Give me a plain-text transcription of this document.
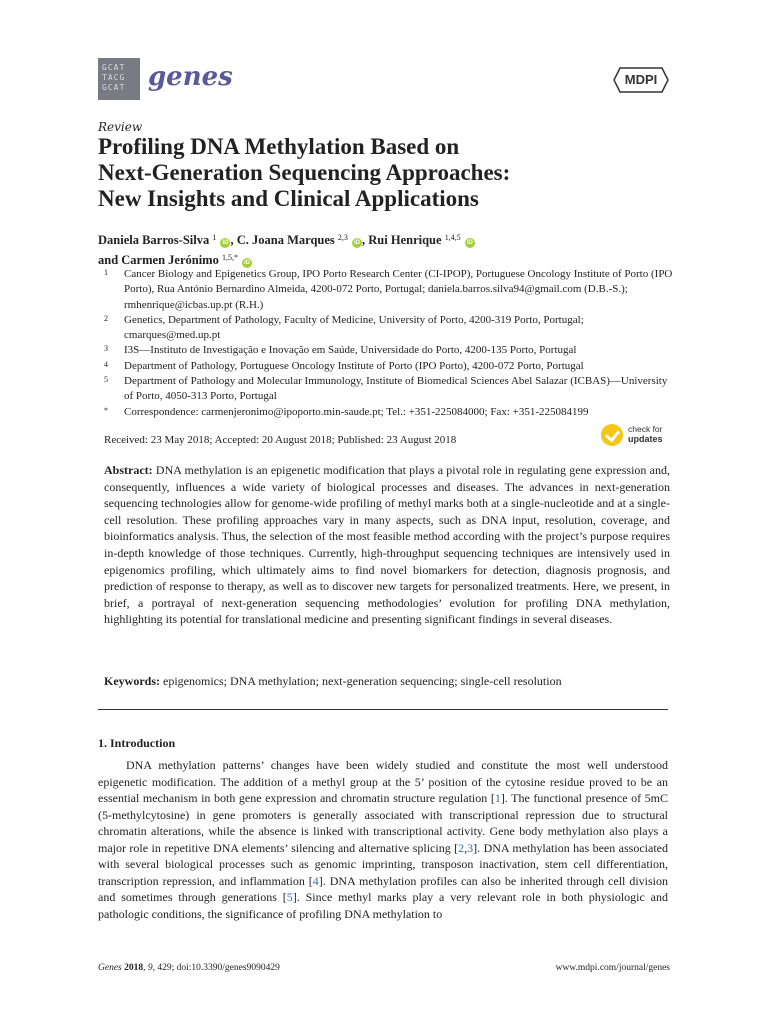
GCAT TACG GCAT genes	MDPI
Review
Profiling DNA Methylation Based on
Next-Generation Sequencing Approaches:
New Insights and Clinical Applications
Daniela Barros-Silva $^1$ iD , C. Joana Marques $^{2,3}$ iD , Rui Henrique $^{1,4,5}$ iD
and Carmen Jerónimo $^{1,5,*}$ iD
1 Cancer Biology and Epigenetics Group, IPO Porto Research Center (CI-IPOP), Portuguese Oncology Institute of Porto (IPO Porto), Rua António Bernardino Almeida, 4200-072 Porto, Portugal; daniela.barros.silva94@gmail.com (D.B.-S.); rmhenrique@icbas.up.pt (R.H.)
2 Genetics, Department of Pathology, Faculty of Medicine, University of Porto, 4200-319 Porto, Portugal; cmarques@med.up.pt
3 I3S—Instituto de Investigação e Inovação em Saúde, Universidade do Porto, 4200-135 Porto, Portugal
4 Department of Pathology, Portuguese Oncology Institute of Porto (IPO Porto), 4200-072 Porto, Portugal
5 Department of Pathology and Molecular Immunology, Institute of Biomedical Sciences Abel Salazar (ICBAS)—University of Porto, 4050-313 Porto, Portugal
* Correspondence: carmenjeronimo@ipoporto.min-saude.pt; Tel.: +351-225084000; Fax: +351-225084199
Received: 23 May 2018; Accepted: 20 August 2018; Published: 23 August 2018
check for
updates
Abstract: DNA methylation is an epigenetic modification that plays a pivotal role in regulating gene expression and, consequently, influences a wide variety of biological processes and diseases. The advances in next-generation sequencing technologies allow for genome-wide profiling of methyl marks both at a single-nucleotide and at a single-cell resolution. These profiling approaches vary in many aspects, such as DNA input, resolution, coverage, and bioinformatics analysis. Thus, the selection of the most feasible method according with the project’s purpose requires in-depth knowledge of those techniques. Currently, high-throughput sequencing techniques are intensively used in epigenomics profiling, which ultimately aims to find novel biomarkers for detection, diagnosis prognosis, and prediction of response to therapy, as well as to discover new targets for personalized treatments. Here, we present, in brief, a portrayal of next-generation sequencing methodologies’ evolution for profiling DNA methylation, highlighting its potential for translational medicine and presenting significant findings in several diseases.
Keywords: epigenomics; DNA methylation; next-generation sequencing; single-cell resolution
1. Introduction
DNA methylation patterns’ changes have been widely studied and constitute the most well understood epigenetic modification. The addition of a methyl group at the 5’ position of the cytosine residue proved to be an essential mechanism in both gene expression and chromatin structure regulation [1]. The functional presence of 5mC (5-methylcytosine) in gene promoters is generally associated with transcriptional repression due to structural chromatin alterations, while the absence is linked with transcriptional activity. Gene body methylation also plays a major role in repetitive DNA elements’ silencing and alternative splicing [2,3]. DNA methylation has been associated with several biological processes such as genomic imprinting, transposon inactivation, stem cell differentiation, transcription repression, and inflammation [4]. DNA methylation profiles can also be inherited through cell division and sometimes through generations [5]. Since methyl marks play a very relevant role in both physiologic and pathologic conditions, the significance of profiling DNA methylation to
Genes 2018, 9, 429; doi:10.3390/genes9090429	www.mdpi.com/journal/genes
